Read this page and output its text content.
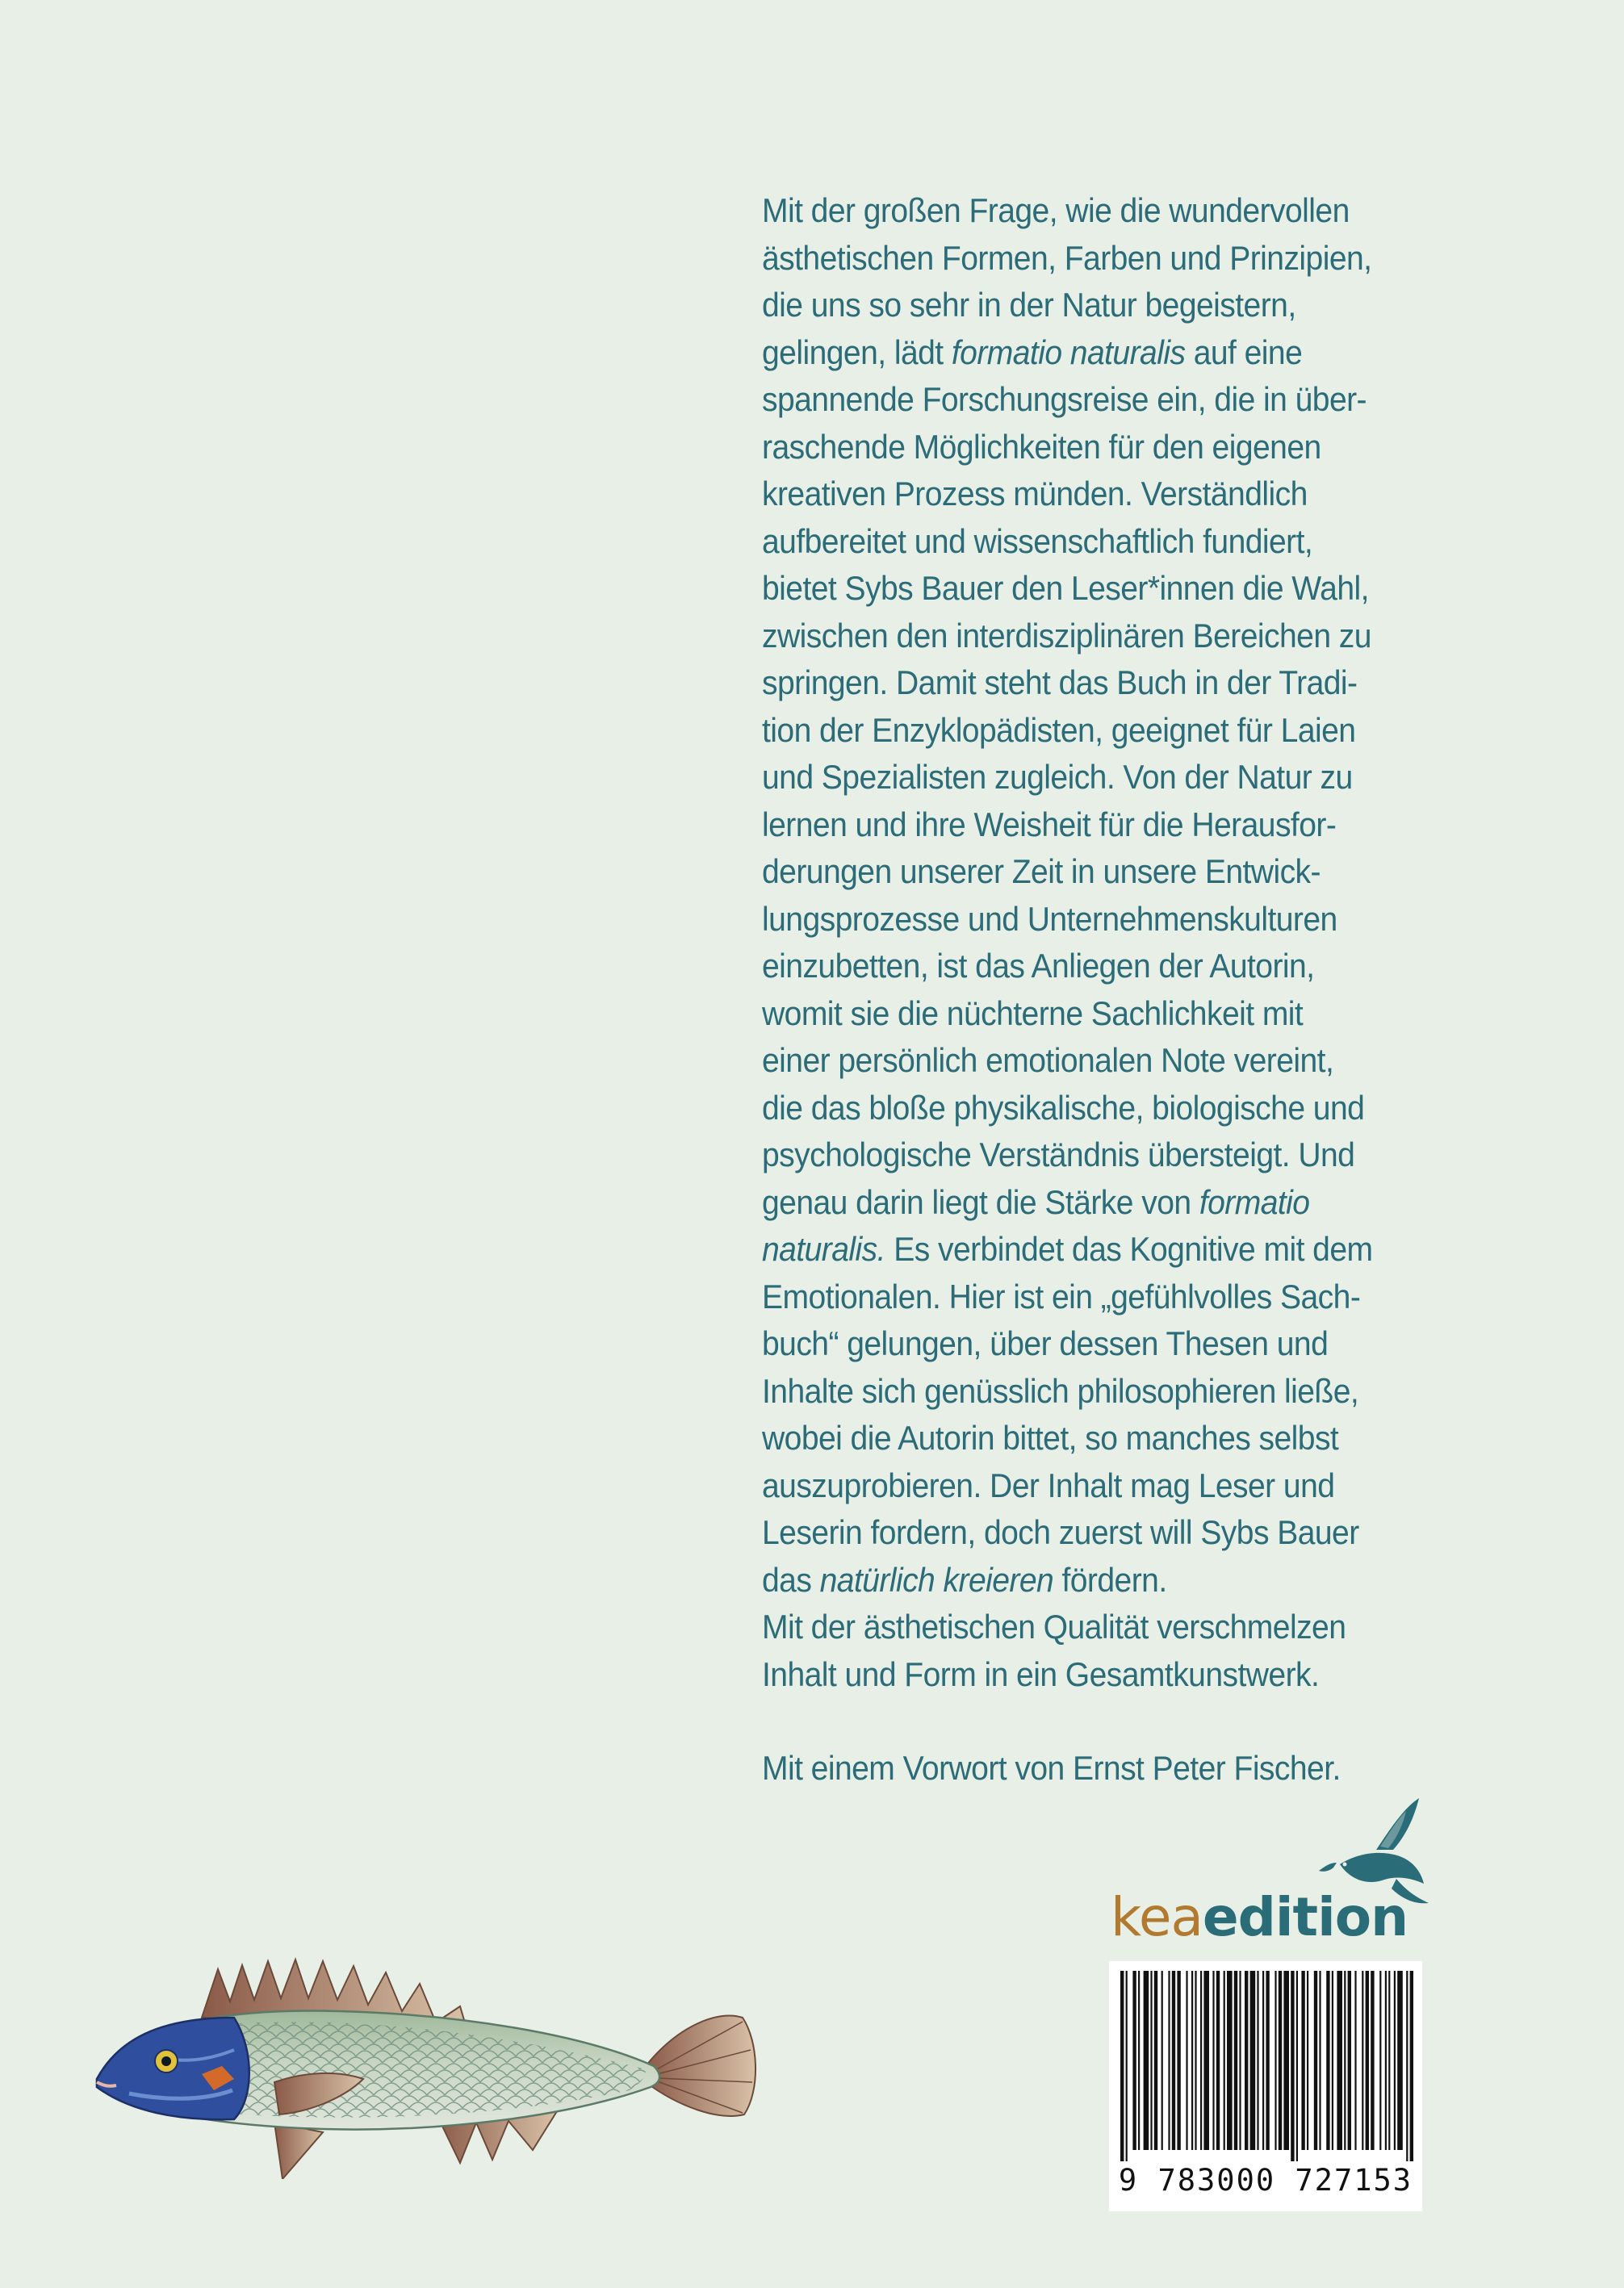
Mit der großen Frage, wie die wundervollen
ästhetischen Formen, Farben und Prinzipien,
die uns so sehr in der Natur begeistern,
gelingen, lädt formatio naturalis auf eine
spannende Forschungsreise ein, die in über-
raschende Möglichkeiten für den eigenen
kreativen Prozess münden. Verständlich
aufbereitet und wissenschaftlich fundiert,
bietet Sybs Bauer den Leser*innen die Wahl,
zwischen den interdisziplinären Bereichen zu
springen. Damit steht das Buch in der Tradi-
tion der Enzyklopädisten, geeignet für Laien
und Spezialisten zugleich. Von der Natur zu
lernen und ihre Weisheit für die Herausfor-
derungen unserer Zeit in unsere Entwick-
lungsprozesse und Unternehmenskulturen
einzubetten, ist das Anliegen der Autorin,
womit sie die nüchterne Sachlichkeit mit
einer persönlich emotionalen Note vereint,
die das bloße physikalische, biologische und
psychologische Verständnis übersteigt. Und
genau darin liegt die Stärke von formatio
naturalis. Es verbindet das Kognitive mit dem
Emotionalen. Hier ist ein „gefühlvolles Sach-
buch“ gelungen, über dessen Thesen und
Inhalte sich genüsslich philosophieren ließe,
wobei die Autorin bittet, so manches selbst
auszuprobieren. Der Inhalt mag Leser und
Leserin fordern, doch zuerst will Sybs Bauer
das natürlich kreieren fördern.
Mit der ästhetischen Qualität verschmelzen
Inhalt und Form in ein Gesamtkunstwerk.
Mit einem Vorwort von Ernst Peter Fischer.
keaedition
9 783000 727153
